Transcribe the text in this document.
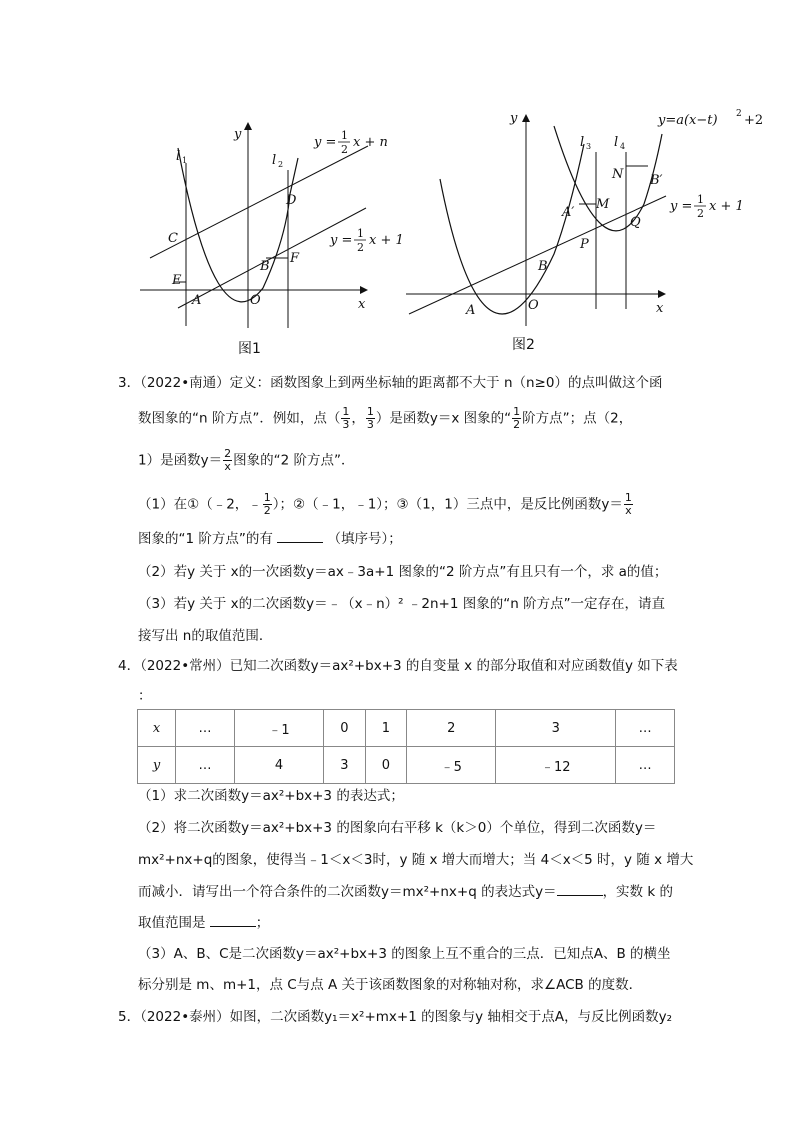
y
x
O
A
B
C
D
E
F
l 1	l 2
y = 1
2 x + n
y = 1
2 x + 1
图1
y
x
O
A
B
A′
M
N
P
Q
B′
l 3 l 4
y=a(x−t) 2 +2
y = 1
2 x + 1
图2
3．（2022•南通）定义：函数图象上到两坐标轴的距离都不大于 n（n≥0）的点叫做这个函
数图象的“n 阶方点”．例如，点（ $\frac{1}{3}$ ， $\frac{1}{3}$ ）是函数y＝x 图象的“ $\frac{1}{2}$ 阶方点”；点（2，
1）是函数$y= \frac{2}{x}$ 图象的“2 阶方点”．
（1）在①（﹣2，﹣ $\frac{1}{2}$ ）；②（﹣1，﹣1）；③（1，1）三点中，是反比例函数$y= \frac{1}{x}$
图象的“1 阶方点”的有	（填序号）；
（2）若y 关于 x的一次函数y＝ax﹣3a+1 图象的“2 阶方点”有且只有一个，求 a的值；
（3）若y 关于 x的二次函数y＝﹣（x﹣n）² ﹣2n+1 图象的“n 阶方点”一定存在，请直
接写出 n的取值范围．
4．（2022•常州）已知二次函数y＝ax²+bx+3 的自变量 x 的部分取值和对应函数值y 如下表
：
x	…	﹣1	0	1	2	3	…
y	…	4	3	0	﹣5	﹣12	…
（1）求二次函数y＝ax²+bx+3 的表达式；
（2）将二次函数y＝ax²+bx+3 的图象向右平移 k（k＞0）个单位，得到二次函数y＝
mx²+nx+q的图象，使得当﹣1＜x＜3时，y 随 x 增大而增大；当 4＜x＜5 时，y 随 x 增大
而减小．请写出一个符合条件的二次函数y＝mx²+nx+q 的表达式y＝	，实数 k 的
取值范围是	；
（3）A、B、C是二次函数y＝ax²+bx+3 的图象上互不重合的三点．已知点A、B 的横坐
标分别是 m、m+1，点 C与点 A 关于该函数图象的对称轴对称，求∠ACB 的度数．
5．（2022•泰州）如图，二次函数y₁＝x²+mx+1 的图象与y 轴相交于点A，与反比例函数y₂
